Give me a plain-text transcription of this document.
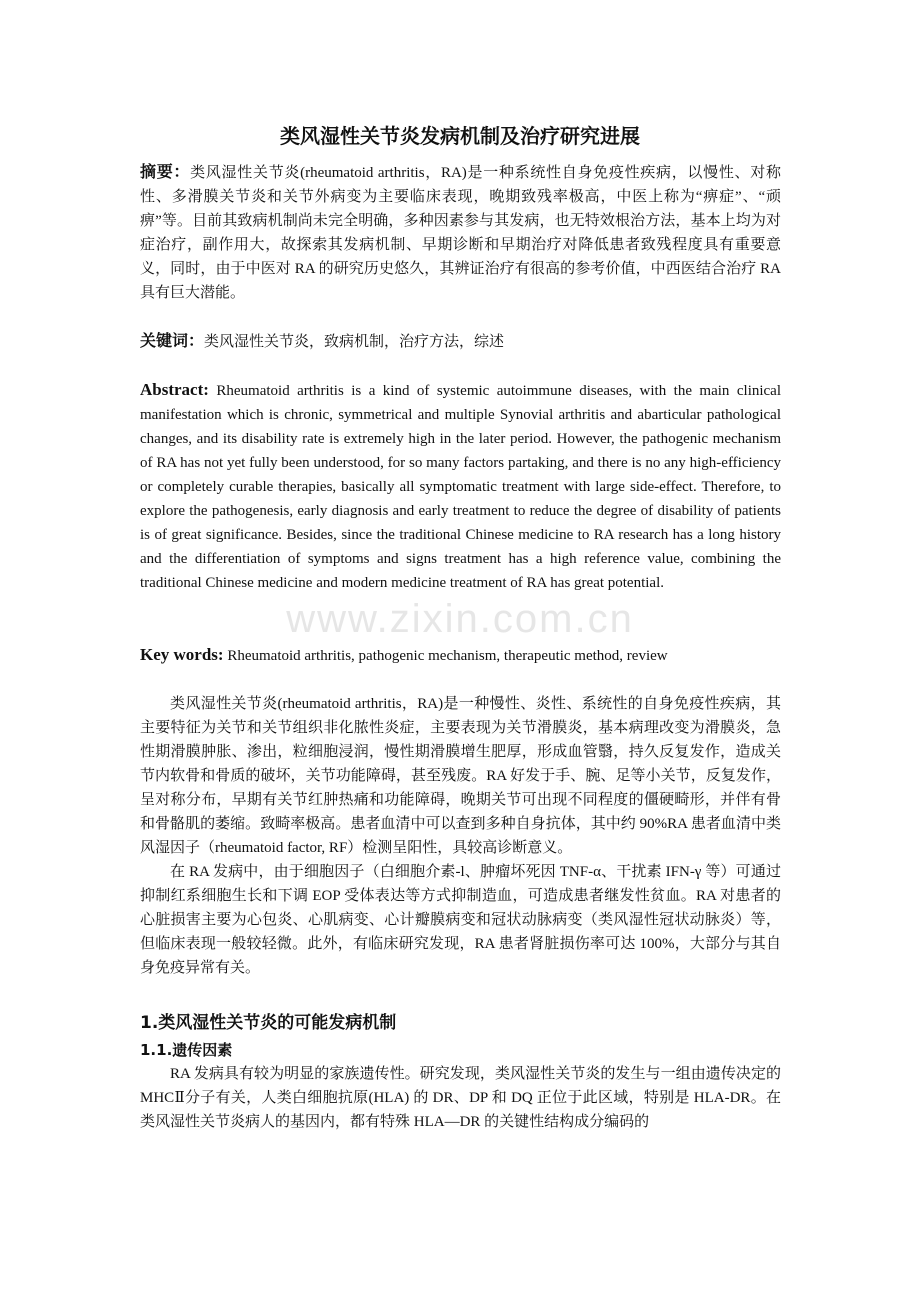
类风湿性关节炎发病机制及治疗研究进展
摘要：类风湿性关节炎(rheumatoid arthritis，RA)是一种系统性自身免疫性疾病，以慢性、对称性、多滑膜关节炎和关节外病变为主要临床表现，晚期致残率极高，中医上称为“痹症”、“顽痹”等。目前其致病机制尚未完全明确，多种因素参与其发病，也无特效根治方法，基本上均为对症治疗，副作用大，故探索其发病机制、早期诊断和早期治疗对降低患者致残程度具有重要意义，同时，由于中医对 RA 的研究历史悠久，其辨证治疗有很高的参考价值，中西医结合治疗 RA 具有巨大潜能。
关键词：类风湿性关节炎，致病机制，治疗方法，综述
Abstract: Rheumatoid arthritis is a kind of systemic autoimmune diseases, with the main clinical manifestation which is chronic, symmetrical and multiple Synovial arthritis and abarticular pathological changes, and its disability rate is extremely high in the later period. However, the pathogenic mechanism of RA has not yet fully been understood, for so many factors partaking, and there is no any high-efficiency or completely curable therapies, basically all symptomatic treatment with large side-effect. Therefore, to explore the pathogenesis, early diagnosis and early treatment to reduce the degree of disability of patients is of great significance. Besides, since the traditional Chinese medicine to RA research has a long history and the differentiation of symptoms and signs treatment has a high reference value, combining the traditional Chinese medicine and modern medicine treatment of RA has great potential.
www.zixin.com.cn
Key words: Rheumatoid arthritis, pathogenic mechanism, therapeutic method, review

类风湿性关节炎(rheumatoid arthritis，RA)是一种慢性、炎性、系统性的自身免疫性疾病，其主要特征为关节和关节组织非化脓性炎症，主要表现为关节滑膜炎，基本病理改变为滑膜炎，急性期滑膜肿胀、渗出，粒细胞浸润，慢性期滑膜增生肥厚，形成血管翳，持久反复发作，造成关节内软骨和骨质的破坏，关节功能障碍，甚至残废。RA 好发于手、腕、足等小关节，反复发作，呈对称分布，早期有关节红肿热痛和功能障碍，晚期关节可出现不同程度的僵硬畸形，并伴有骨和骨骼肌的萎缩。致畸率极高。患者血清中可以查到多种自身抗体，其中约 90%RA 患者血清中类风湿因子（rheumatoid factor, RF）检测呈阳性，具较高诊断意义。

在 RA 发病中，由于细胞因子（白细胞介素-l、肿瘤坏死因 TNF-α、干扰素 IFN-γ 等）可通过抑制红系细胞生长和下调 EOP 受体表达等方式抑制造血，可造成患者继发性贫血。RA 对患者的心脏损害主要为心包炎、心肌病变、心计瓣膜病变和冠状动脉病变（类风湿性冠状动脉炎）等，但临床表现一般较轻微。此外，有临床研究发现，RA 患者肾脏损伤率可达 100%，大部分与其自身免疫异常有关。

1.类风湿性关节炎的可能发病机制
1.1.遗传因素

RA 发病具有较为明显的家族遗传性。研究发现，类风湿性关节炎的发生与一组由遗传决定的 MHCⅡ分子有关，人类白细胞抗原(HLA) 的 DR、DP 和 DQ 正位于此区域，特别是 HLA-DR。在类风湿性关节炎病人的基因内，都有特殊 HLA—DR 的关键性结构成分编码的
